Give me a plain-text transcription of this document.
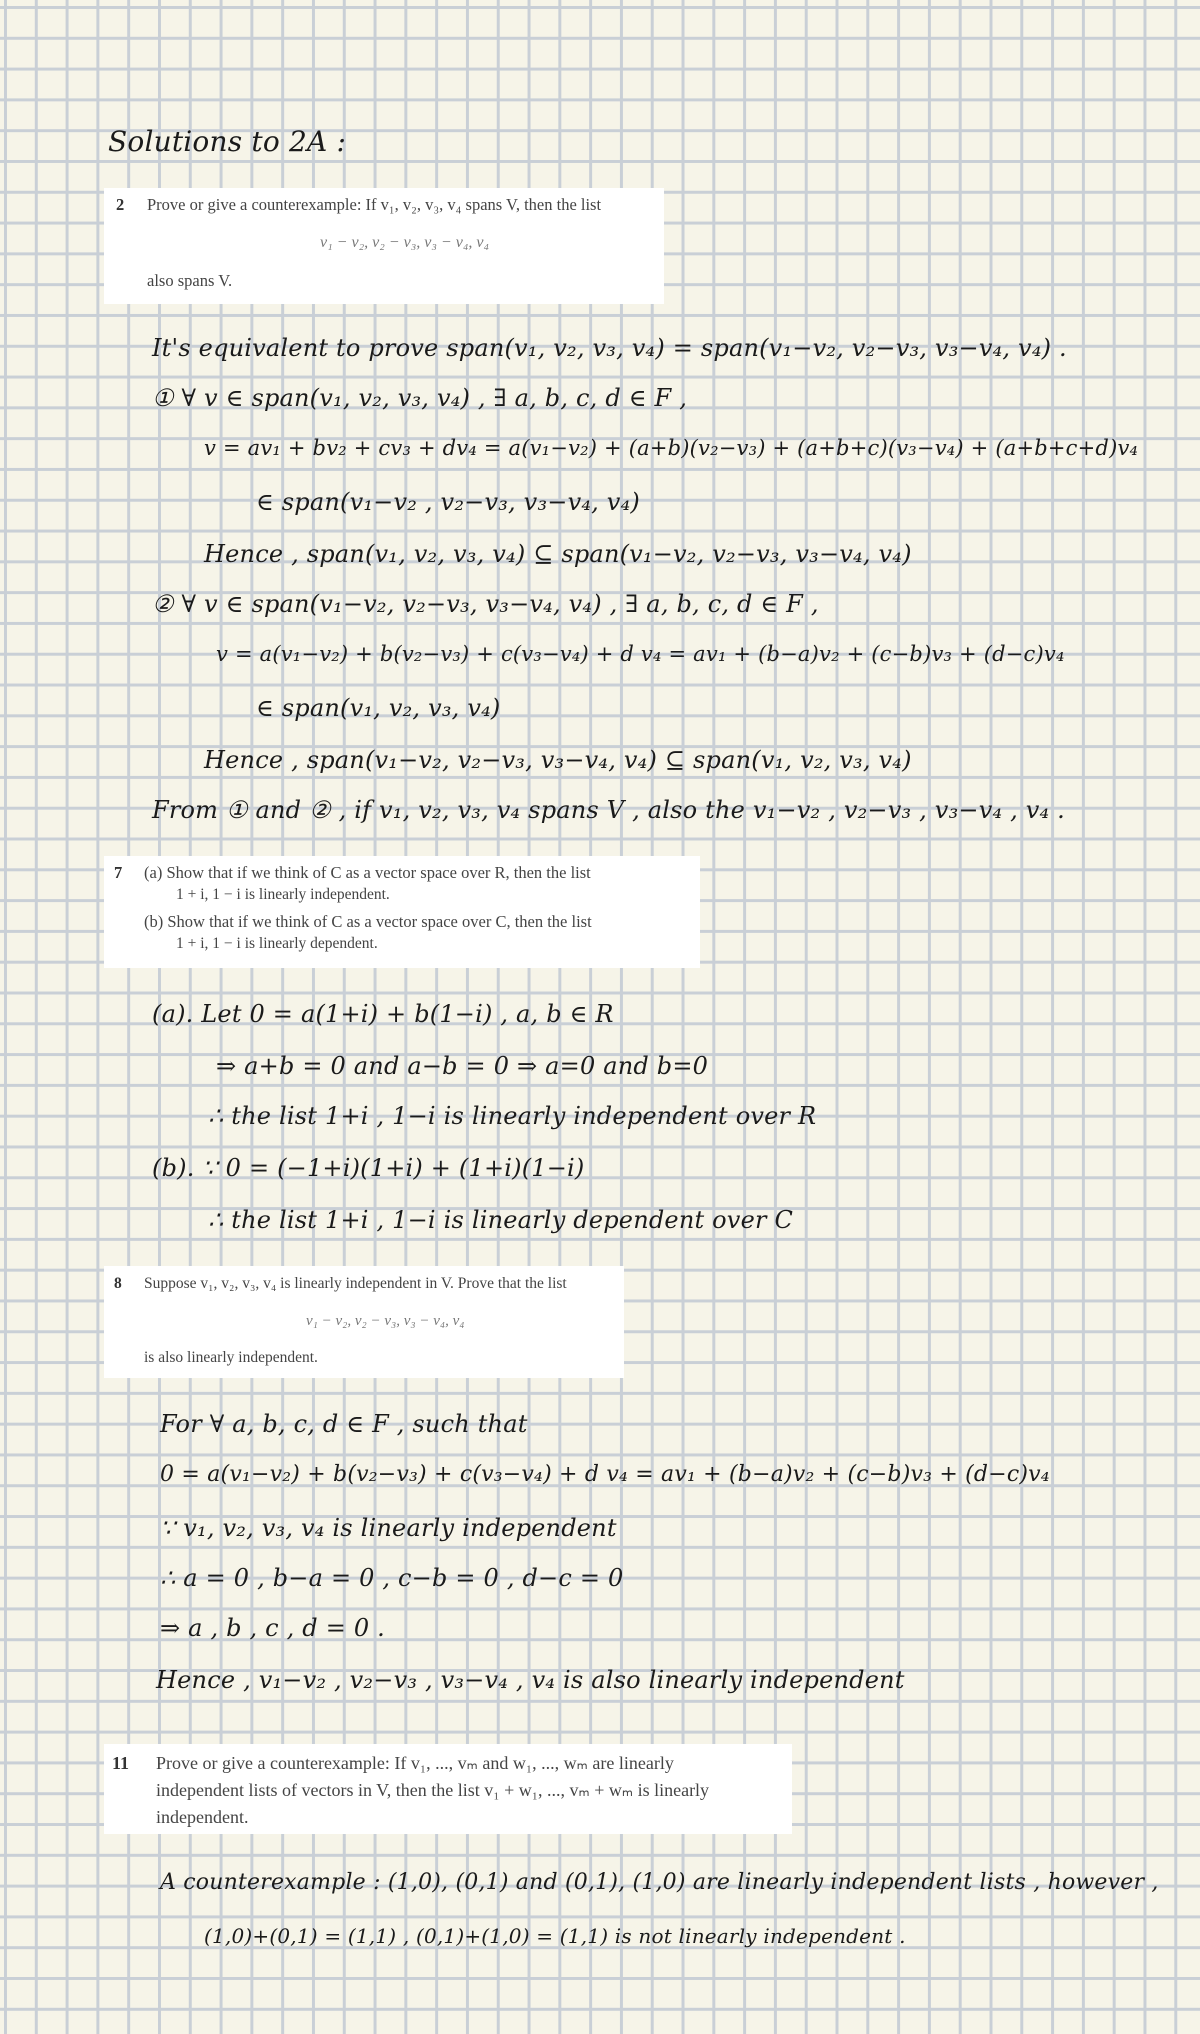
Solutions to 2A :
2 Prove or give a counterexample: If v₁, v₂, v₃, v₄ spans V, then the list
v₁ − v₂, v₂ − v₃, v₃ − v₄, v₄
also spans V.
It's equivalent to prove span(v₁, v₂, v₃, v₄) = span(v₁−v₂, v₂−v₃, v₃−v₄, v₄) .
① ∀ v ∈ span(v₁, v₂, v₃, v₄) , ∃ a, b, c, d ∈ F ,
v = av₁ + bv₂ + cv₃ + dv₄ = a(v₁−v₂) + (a+b)(v₂−v₃) + (a+b+c)(v₃−v₄) + (a+b+c+d)v₄
∈ span(v₁−v₂ , v₂−v₃, v₃−v₄, v₄)
Hence , span(v₁, v₂, v₃, v₄) ⊆ span(v₁−v₂, v₂−v₃, v₃−v₄, v₄)
② ∀ v ∈ span(v₁−v₂, v₂−v₃, v₃−v₄, v₄) , ∃ a, b, c, d ∈ F ,
v = a(v₁−v₂) + b(v₂−v₃) + c(v₃−v₄) + d v₄ = av₁ + (b−a)v₂ + (c−b)v₃ + (d−c)v₄
∈ span(v₁, v₂, v₃, v₄)
Hence , span(v₁−v₂, v₂−v₃, v₃−v₄, v₄) ⊆ span(v₁, v₂, v₃, v₄)
From ① and ② , if v₁, v₂, v₃, v₄ spans V , also the v₁−v₂ , v₂−v₃ , v₃−v₄ , v₄ .
7 (a) Show that if we think of C as a vector space over R, then the list
1 + i, 1 − i is linearly independent.
(b) Show that if we think of C as a vector space over C, then the list
1 + i, 1 − i is linearly dependent.
(a). Let 0 = a(1+i) + b(1−i) , a, b ∈ R
⇒ a+b = 0 and a−b = 0 ⇒ a=0 and b=0
∴ the list 1+i , 1−i is linearly independent over R
(b). ∵ 0 = (−1+i)(1+i) + (1+i)(1−i)
∴ the list 1+i , 1−i is linearly dependent over C
8 Suppose v₁, v₂, v₃, v₄ is linearly independent in V. Prove that the list
v₁ − v₂, v₂ − v₃, v₃ − v₄, v₄
is also linearly independent.
For ∀ a, b, c, d ∈ F , such that
0 = a(v₁−v₂) + b(v₂−v₃) + c(v₃−v₄) + d v₄ = av₁ + (b−a)v₂ + (c−b)v₃ + (d−c)v₄
∵ v₁, v₂, v₃, v₄ is linearly independent
∴ a = 0 , b−a = 0 , c−b = 0 , d−c = 0
⇒ a , b , c , d = 0 .
Hence , v₁−v₂ , v₂−v₃ , v₃−v₄ , v₄ is also linearly independent
11 Prove or give a counterexample: If v₁, ..., vₘ and w₁, ..., wₘ are linearly
independent lists of vectors in V, then the list v₁ + w₁, ..., vₘ + wₘ is linearly
independent.
A counterexample : (1,0), (0,1) and (0,1), (1,0) are linearly independent lists , however ,
(1,0)+(0,1) = (1,1) , (0,1)+(1,0) = (1,1) is not linearly independent .
